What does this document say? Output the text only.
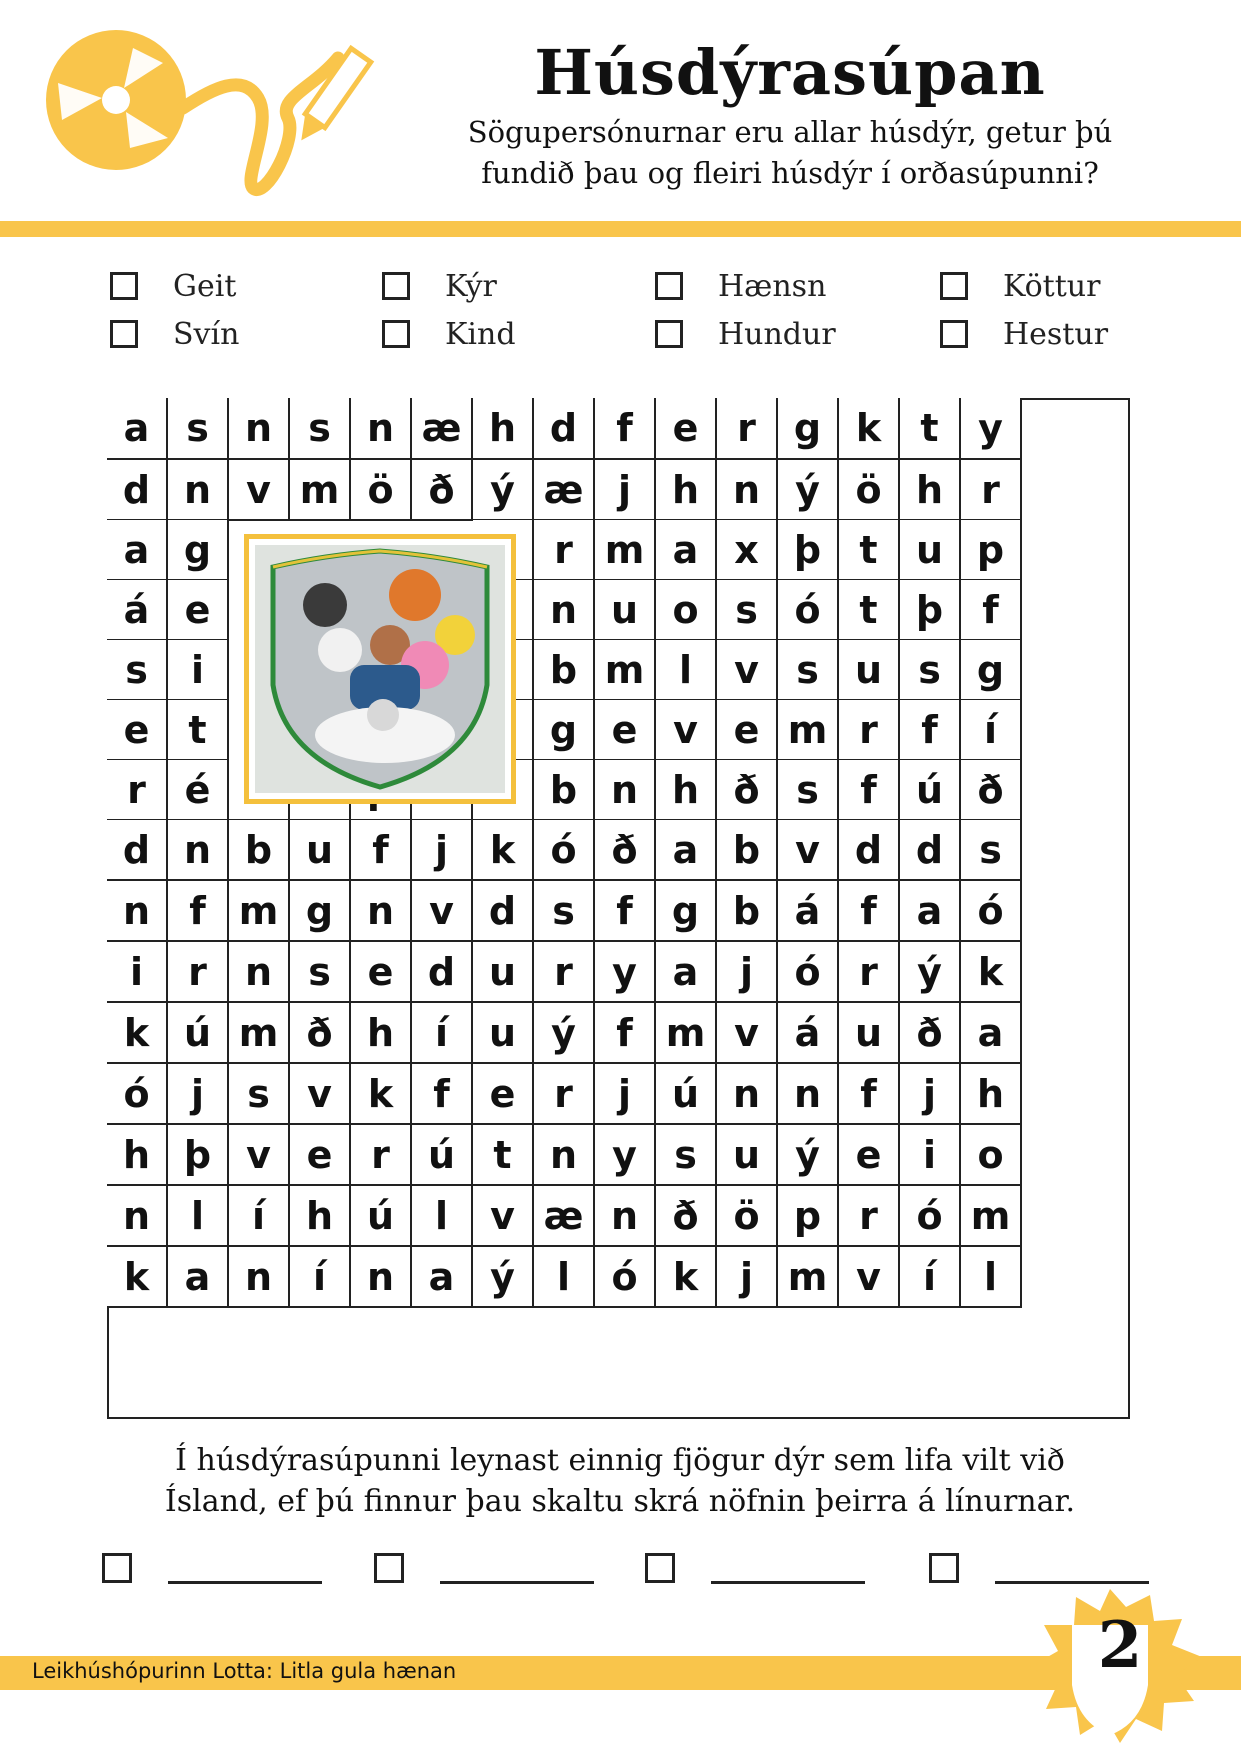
Húsdýrasúpan
Sögupersónurnar eru allar húsdýr, getur þú
fundið þau og fleiri húsdýr í orðasúpunni?
Geit	Kýr	Hænsn	Köttur
Svín	Kind	Hundur	Hestur
a s n s n æ h d	f	e	r	g k	t	y
d n v m ö ð ý æ j	h n ý ö h	r
a g	r m a x þ	t	u p
á e	n u o s ó	t	þ	f
s	i	b m l	v s u s g
e	t	g e v e m r	f	í
r	é	b n h ð s	f	ú ð
d n b u	f	j	k ó ð a b v d d s
n	f m g n v d s	f	g b á	f	a ó
i	r	n s e d u	r	y a	j	ó	r	ý k
k ú m ð h	í	u ý	f m v á u ð a
ó	j	s v k	f	e	r	j	ú n n	f	j	h
h þ v e	r	ú	t	n y s u ý e	i	o
n	l	í	h ú	l	v æ n ð ö p	r	ó m
k a n	í	n a ý	l	ó k	j m v	í	l
Í húsdýrasúpunni leynast einnig fjögur dýr sem lifa vilt við
Ísland, ef þú finnur þau skaltu skrá nöfnin þeirra á línurnar.
Leikhúshópurinn Lotta: Litla gula hænan	2
